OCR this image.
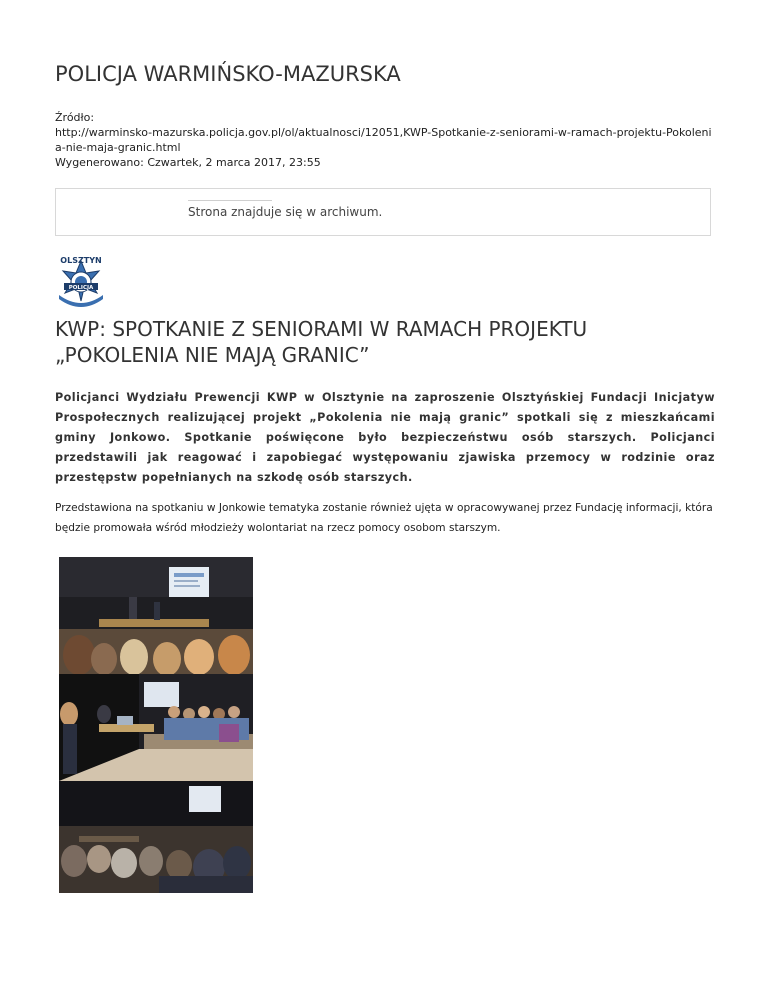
POLICJA WARMIŃSKO-MAZURSKA
Źródło:
http://warminsko-mazurska.policja.gov.pl/ol/aktualnosci/12051,KWP-Spotkanie-z-seniorami-w-ramach-projektu-Pokolenia-nie-maja-granic.html
Wygenerowano: Czwartek, 2 marca 2017, 23:55
Strona znajduje się w archiwum.
POLICJA
OLSZTYN
KWP: SPOTKANIE Z SENIORAMI W RAMACH PROJEKTU
„POKOLENIA NIE MAJĄ GRANIC”

Policjanci Wydziału Prewencji KWP w Olsztynie na zaproszenie Olsztyńskiej Fundacji Inicjatyw Prospołecznych realizującej projekt „Pokolenia nie mają granic” spotkali się z mieszkańcami gminy Jonkowo. Spotkanie poświęcone było bezpieczeństwu osób starszych. Policjanci przedstawili jak reagować i zapobiegać występowaniu zjawiska przemocy w rodzinie oraz przestępstw popełnianych na szkodę osób starszych.

Przedstawiona na spotkaniu w Jonkowie tematyka zostanie również ujęta w opracowywanej przez Fundację informacji, która będzie promowała wśród młodzieży wolontariat na rzecz pomocy osobom starszym.
